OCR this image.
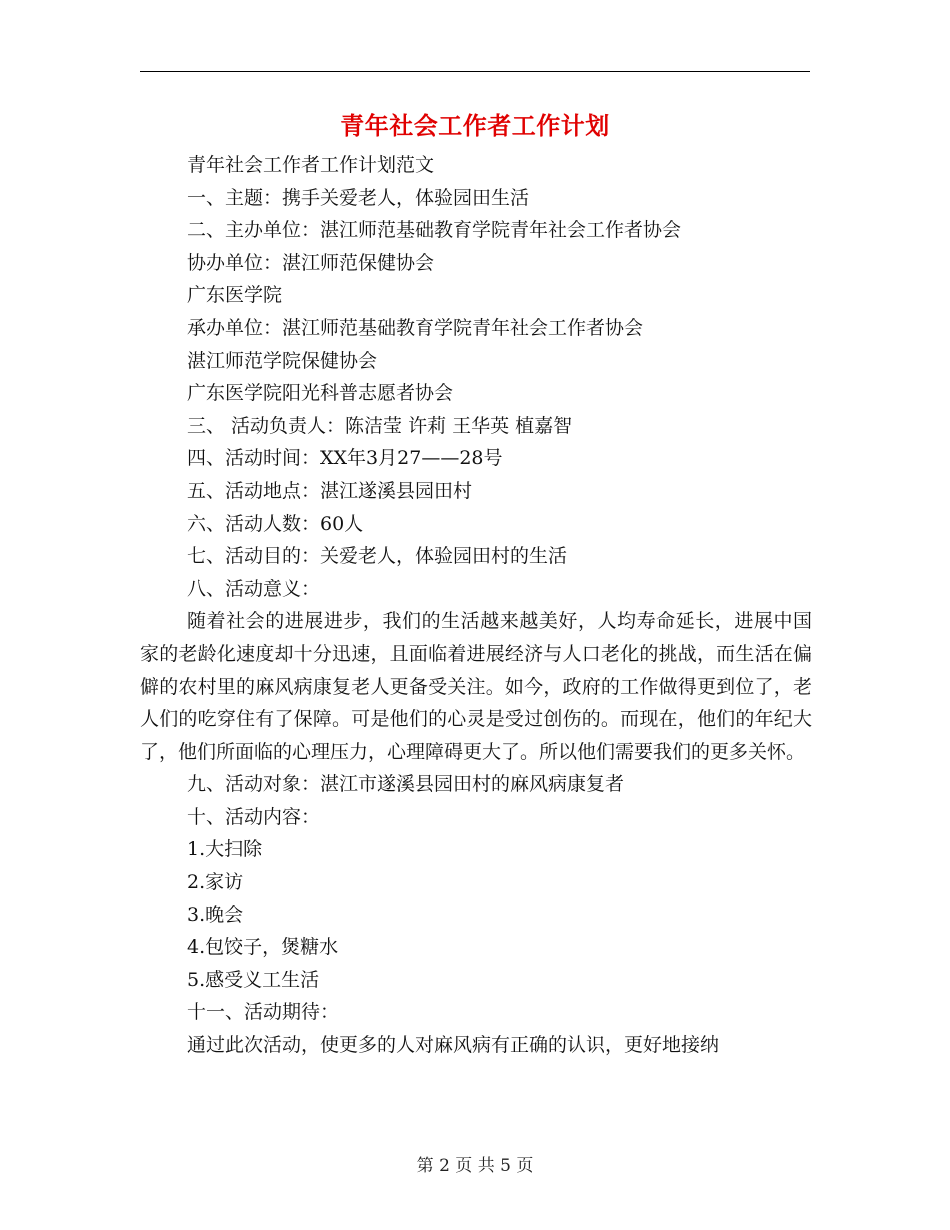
青年社会工作者工作计划
青年社会工作者工作计划范文
一、主题：携手关爱老人，体验园田生活
二、主办单位：湛江师范基础教育学院青年社会工作者协会
协办单位：湛江师范保健协会
广东医学院
承办单位：湛江师范基础教育学院青年社会工作者协会
湛江师范学院保健协会
广东医学院阳光科普志愿者协会
三、 活动负责人：陈洁莹 许莉 王华英 植嘉智
四、活动时间：XX年3月27——28号
五、活动地点：湛江遂溪县园田村
六、活动人数：60人
七、活动目的：关爱老人，体验园田村的生活
八、活动意义：

随着社会的进展进步，我们的生活越来越美好，人均寿命延长，进展中国家的老龄化速度却十分迅速，且面临着进展经济与人口老化的挑战，而生活在偏僻的农村里的麻风病康复老人更备受关注。如今，政府的工作做得更到位了，老人们的吃穿住有了保障。可是他们的心灵是受过创伤的。而现在，他们的年纪大了，他们所面临的心理压力，心理障碍更大了。所以他们需要我们的更多关怀。

九、活动对象：湛江市遂溪县园田村的麻风病康复者
十、活动内容：
1.大扫除
2.家访
3.晚会
4.包饺子，煲糖水
5.感受义工生活
十一、活动期待：
通过此次活动，使更多的人对麻风病有正确的认识，更好地接纳
第 2 页 共 5 页
